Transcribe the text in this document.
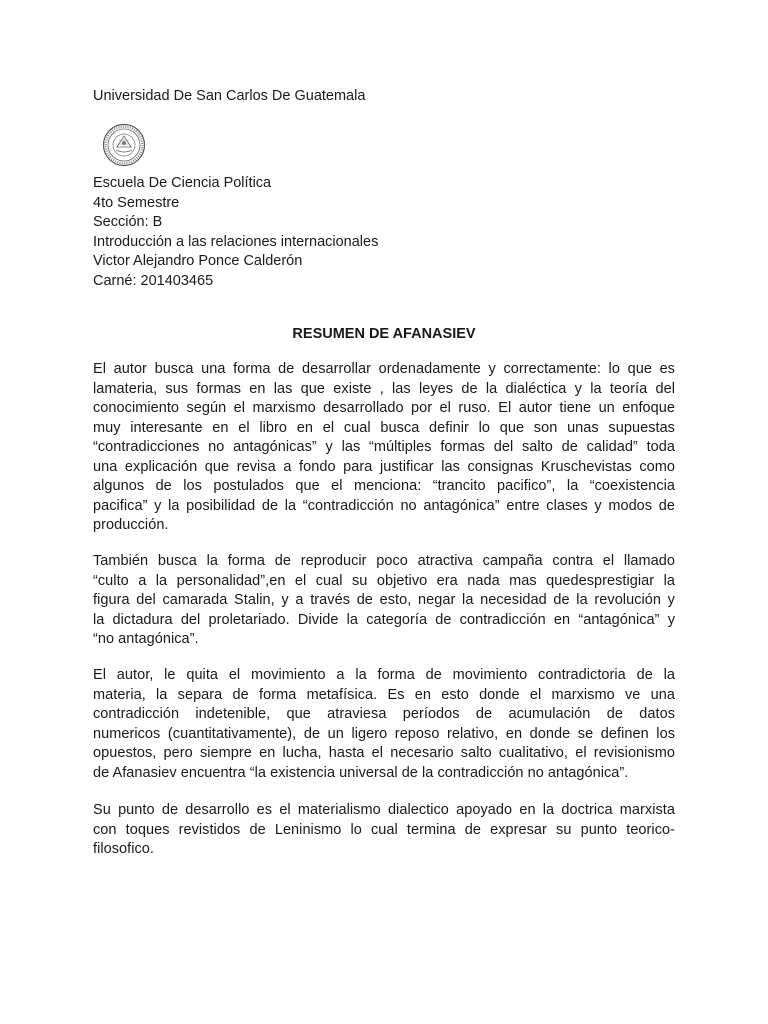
Universidad De San Carlos De Guatemala
Escuela De Ciencia Política
4to Semestre
Sección: B
Introducción a las relaciones internacionales
Victor Alejandro Ponce Calderón
Carné: 201403465
RESUMEN DE AFANASIEV
El autor busca una forma de desarrollar ordenadamente y correctamente: lo que es
lamateria, sus formas en las que existe , las leyes de la dialéctica y la teoría del
conocimiento según el marxismo desarrollado por el ruso. El autor tiene un enfoque
muy interesante en el libro en el cual busca definir lo que son unas supuestas
“contradicciones no antagónicas” y las “múltiples formas del salto de calidad” toda
una explicación que revisa a fondo para justificar las consignas Kruschevistas como
algunos de los postulados que el menciona: “trancito pacifico”, la “coexistencia
pacifica” y la posibilidad de la “contradicción no antagónica” entre clases y modos de
producción.
También busca la forma de reproducir poco atractiva campaña contra el llamado
“culto a la personalidad”,en el cual su objetivo era nada mas quedesprestigiar la
figura del camarada Stalin, y a través de esto, negar la necesidad de la revolución y
la dictadura del proletariado. Divide la categoría de contradicción en “antagónica” y
“no antagónica”.
El autor, le quita el movimiento a la forma de movimiento contradictoria de la
materia, la separa de forma metafísica. Es en esto donde el marxismo ve una
contradicción indetenible, que atraviesa períodos de acumulación de datos
numericos (cuantitativamente), de un ligero reposo relativo, en donde se definen los
opuestos, pero siempre en lucha, hasta el necesario salto cualitativo, el revisionismo
de Afanasiev encuentra “la existencia universal de la contradicción no antagónica”.
Su punto de desarrollo es el materialismo dialectico apoyado en la doctrica marxista
con toques revistidos de Leninismo lo cual termina de expresar su punto teorico-
filosofico.
